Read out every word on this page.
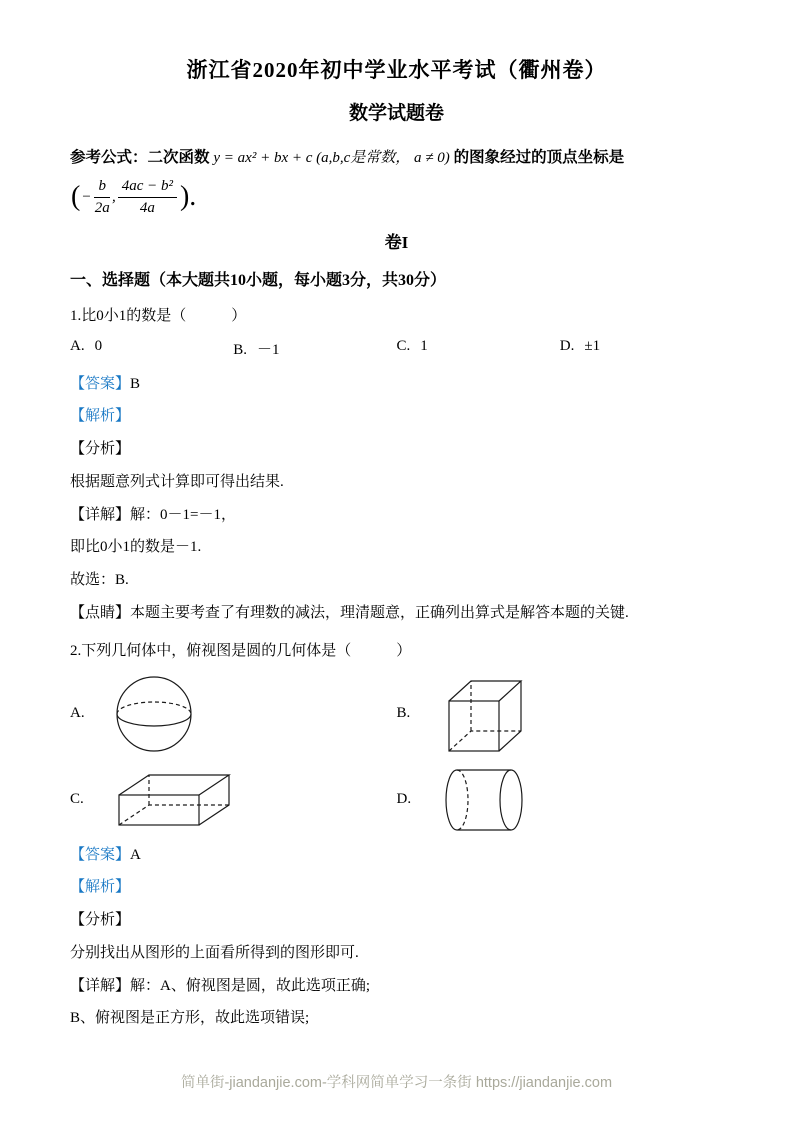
浙江省2020年初中学业水平考试（衢州卷）
数学试题卷
参考公式：二次函数 y = ax² + bx + c (a,b,c是常数， a ≠ 0) 的图象经过的顶点坐标是
( − $\frac{b}{2a}$ , $\frac{\text{4ac − b²}}{4a}$ ).
卷I
一、选择题（本大题共10小题，每小题3分，共30分）

1.比0小1的数是（　　　）

A. 0	B. －1	C. 1	D. ±1

【答案】B

【解析】

【分析】

根据题意列式计算即可得出结果.

【详解】解：0－1=－1，

即比0小1的数是－1.

故选：B.

【点睛】本题主要考查了有理数的减法，理清题意，正确列出算式是解答本题的关键.

2.下列几何体中，俯视图是圆的几何体是（　　　）

A.	B.
C.	D.

【答案】A

【解析】

【分析】

分别找出从图形的上面看所得到的图形即可.

【详解】解：A、俯视图是圆，故此选项正确;

B、俯视图是正方形，故此选项错误;

简单街-jiandanjie.com-学科网简单学习一条街 https://jiandanjie.com
